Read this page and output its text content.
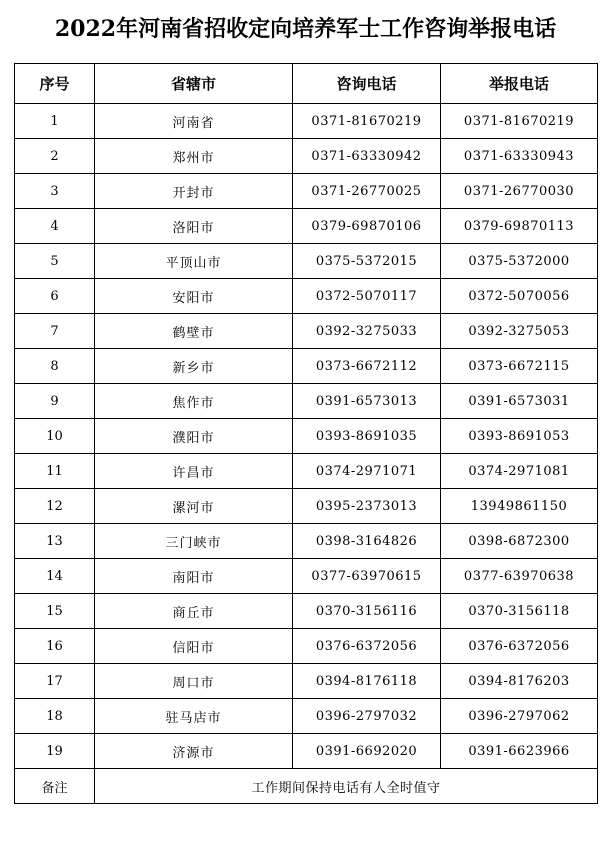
2022年河南省招收定向培养军士工作咨询举报电话
序号	省辖市	咨询电话	举报电话
1	河南省	0371-81670219	0371-81670219
2	郑州市	0371-63330942	0371-63330943
3	开封市	0371-26770025	0371-26770030
4	洛阳市	0379-69870106	0379-69870113
5	平顶山市	0375-5372015	0375-5372000
6	安阳市	0372-5070117	0372-5070056
7	鹤壁市	0392-3275033	0392-3275053
8	新乡市	0373-6672112	0373-6672115
9	焦作市	0391-6573013	0391-6573031
10	濮阳市	0393-8691035	0393-8691053
11	许昌市	0374-2971071	0374-2971081
12	漯河市	0395-2373013	13949861150
13	三门峡市	0398-3164826	0398-6872300
14	南阳市	0377-63970615	0377-63970638
15	商丘市	0370-3156116	0370-3156118
16	信阳市	0376-6372056	0376-6372056
17	周口市	0394-8176118	0394-8176203
18	驻马店市	0396-2797032	0396-2797062
19	济源市	0391-6692020	0391-6623966
备注	工作期间保持电话有人全时值守		
